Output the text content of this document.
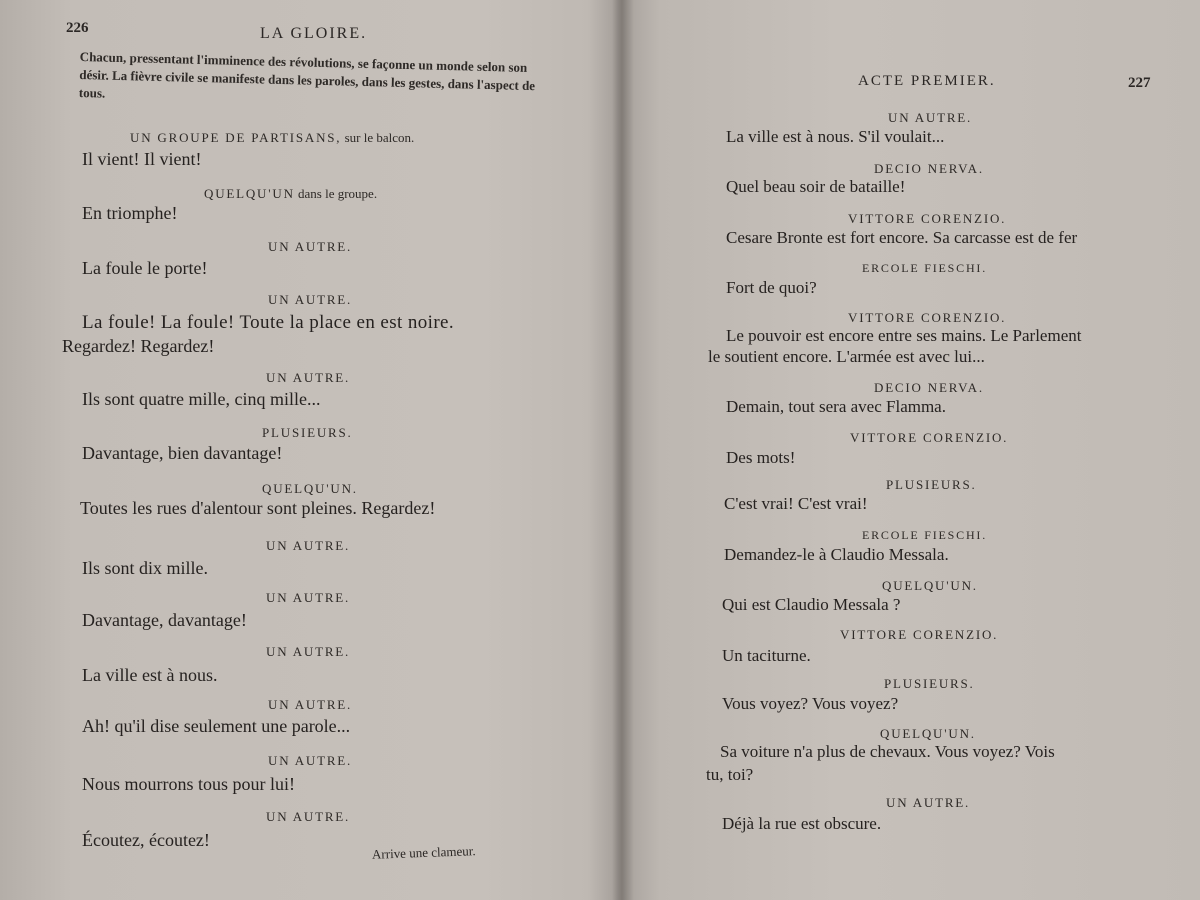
226	LA GLOIRE.
Chacun, pressentant l'imminence des révolutions, se façonne un monde selon son désir. La fièvre civile se manifeste dans les paroles, dans les gestes, dans l'aspect de tous.
UN GROUPE DE PARTISANS, sur le balcon.
Il vient! Il vient!
QUELQU'UN dans le groupe.
En triomphe!
UN AUTRE.
La foule le porte!
UN AUTRE.
La foule! La foule! Toute la place en est noire.
Regardez! Regardez!
UN AUTRE.
Ils sont quatre mille, cinq mille...
PLUSIEURS.
Davantage, bien davantage!
QUELQU'UN.
Toutes les rues d'alentour sont pleines. Regardez!
UN AUTRE.
Ils sont dix mille.
UN AUTRE.
Davantage, davantage!
UN AUTRE.
La ville est à nous.
UN AUTRE.
Ah! qu'il dise seulement une parole...
UN AUTRE.
Nous mourrons tous pour lui!
UN AUTRE.
Écoutez, écoutez!
Arrive une clameur.
ACTE PREMIER.	227
UN AUTRE.
La ville est à nous. S'il voulait...
DECIO NERVA.
Quel beau soir de bataille!
VITTORE CORENZIO.
Cesare Bronte est fort encore. Sa carcasse est de fer
ERCOLE FIESCHI.
Fort de quoi?
VITTORE CORENZIO.
Le pouvoir est encore entre ses mains. Le Parlement
le soutient encore. L'armée est avec lui...
DECIO NERVA.
Demain, tout sera avec Flamma.
VITTORE CORENZIO.
Des mots!
PLUSIEURS.
C'est vrai! C'est vrai!
ERCOLE FIESCHI.
Demandez-le à Claudio Messala.
QUELQU'UN.
Qui est Claudio Messala ?
VITTORE CORENZIO.
Un taciturne.
PLUSIEURS.
Vous voyez? Vous voyez?
QUELQU'UN.
Sa voiture n'a plus de chevaux. Vous voyez? Vois
tu, toi?
UN AUTRE.
Déjà la rue est obscure.
